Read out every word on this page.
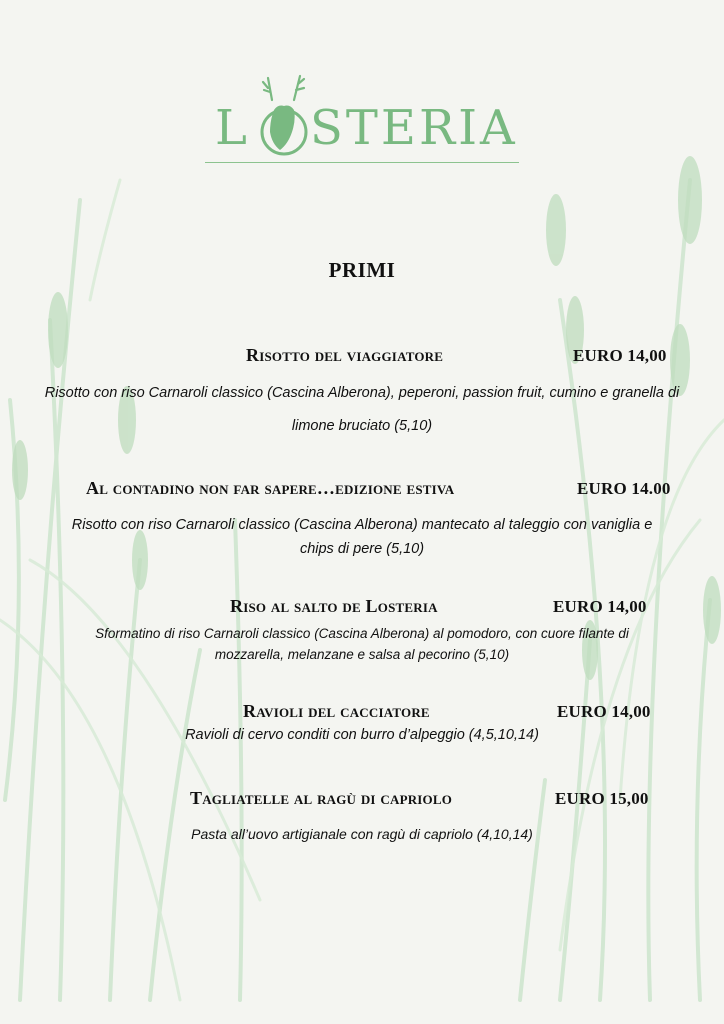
L STERIA
PRIMI
Risotto del viaggiatore	EURO 14,00
Risotto con riso Carnaroli classico (Cascina Alberona), peperoni, passion fruit, cumino e granella di
limone bruciato (5,10)
Al contadino non far sapere…edizione estiva	EURO 14.00
Risotto con riso Carnaroli classico (Cascina Alberona) mantecato al taleggio con vaniglia e
chips di pere (5,10)
Riso al salto de Losteria	EURO 14,00
Sformatino di riso Carnaroli classico (Cascina Alberona) al pomodoro, con cuore filante di
mozzarella, melanzane e salsa al pecorino (5,10)
Ravioli del cacciatore	EURO 14,00
Ravioli di cervo conditi con burro d’alpeggio (4,5,10,14)
Tagliatelle al ragù di capriolo	EURO 15,00
Pasta all’uovo artigianale con ragù di capriolo (4,10,14)
